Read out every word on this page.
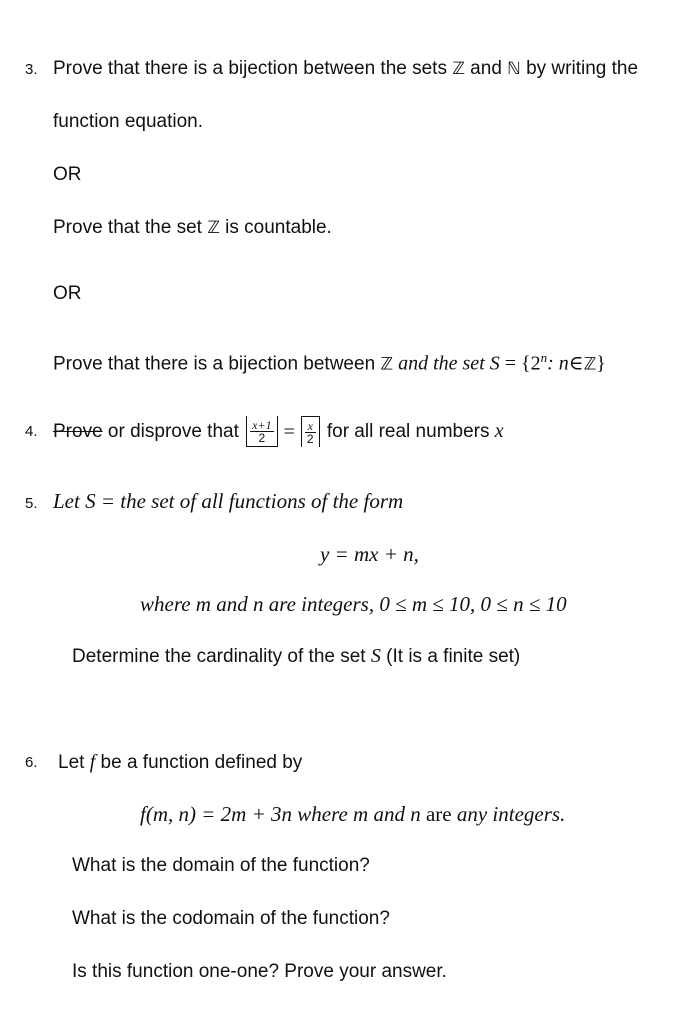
3. Prove that there is a bijection between the sets ℤ and ℕ by writing the
function equation.
OR
Prove that the set ℤ is countable.
OR
Prove that there is a bijection between ℤ and the set $S = \{2^n$: n∈ℤ}
4. Prove or disprove that $\frac{x+1}{2} = \frac{x}{2}$ for all real numbers x
5. Let S = the set of all functions of the form
y = mx + n,
where m and n are integers, 0 ≤ m ≤ 10, 0 ≤ n ≤ 10
Determine the cardinality of the set S (It is a finite set)
6. Let f be a function defined by
f(m, n) = 2m + 3n where m and n are any integers.
What is the domain of the function?
What is the codomain of the function?
Is this function one-one? Prove your answer.
